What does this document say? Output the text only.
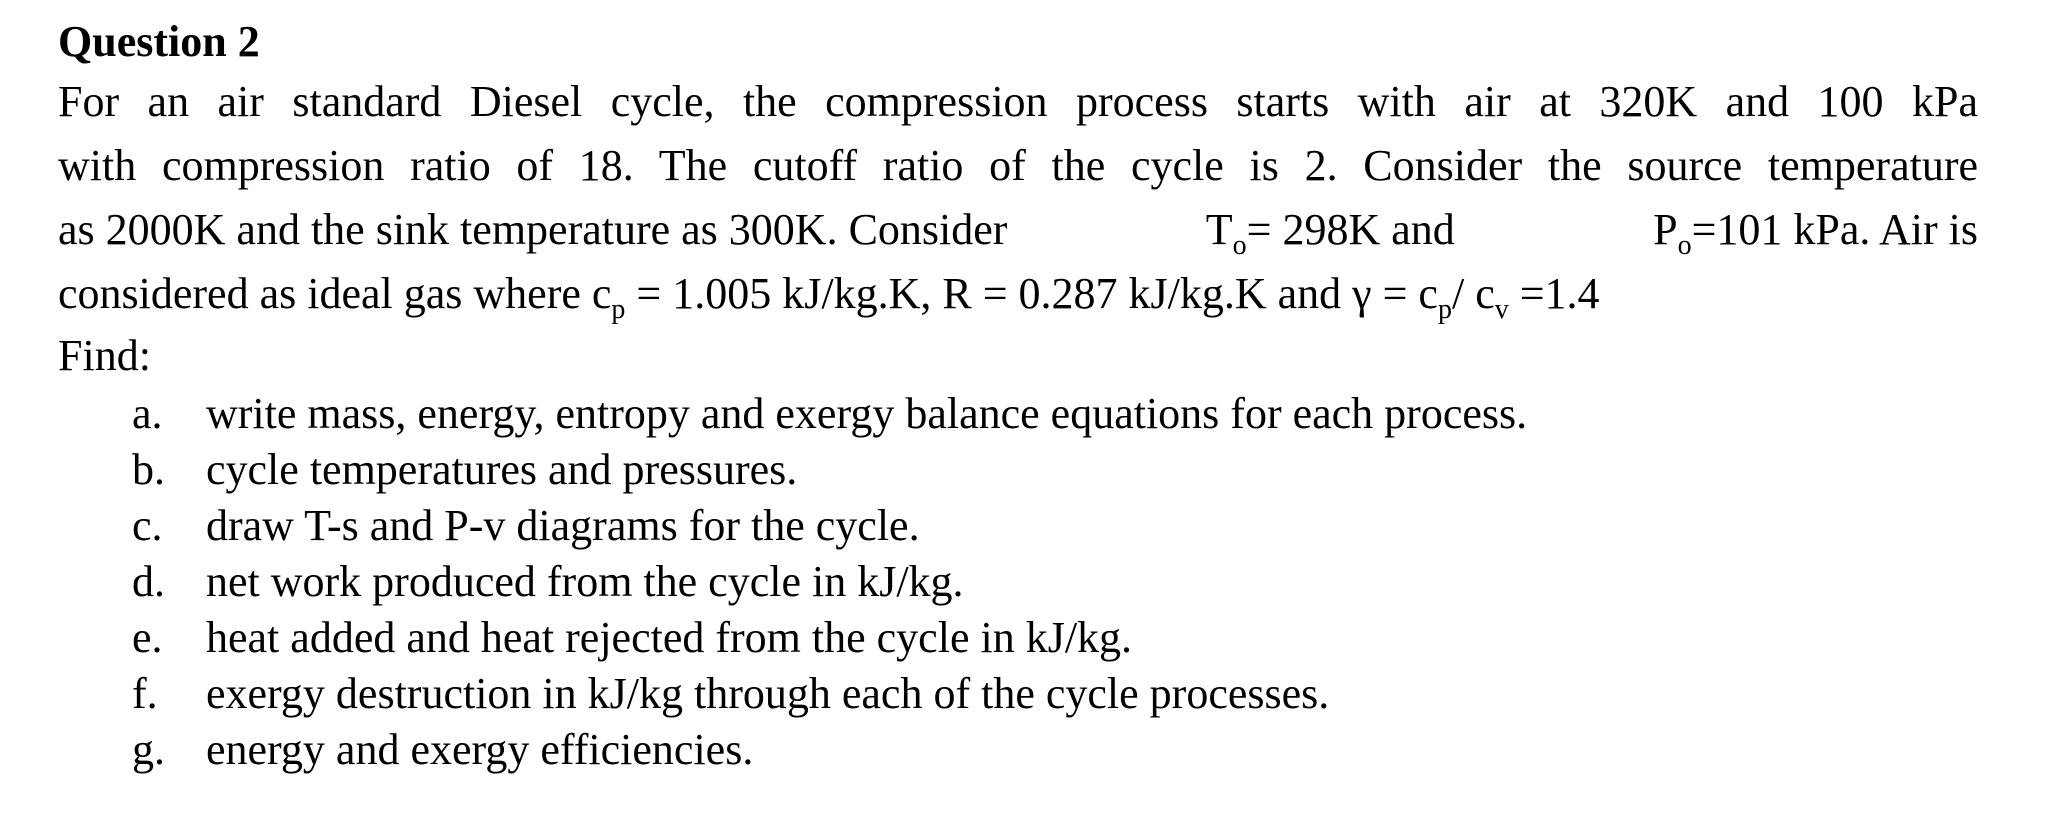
Question 2
For an air standard Diesel cycle, the compression process starts with air at 320K and 100 kPa
with compression ratio of 18. The cutoff ratio of the cycle is 2. Consider the source temperature
as 2000K and the sink temperature as 300K. Consider	$T_o= 298K$ and	$P_o=101$ kPa. Air is
considered as ideal gas where $c_p = 1.005$ kJ/kg.K, R = 0.287 kJ/kg.K and $\gamma = c_p/$ $c_v =1.4$

Find:

a. write mass, energy, entropy and exergy balance equations for each process.
b. cycle temperatures and pressures.
c. draw T-s and P-v diagrams for the cycle.
d. net work produced from the cycle in kJ/kg.
e. heat added and heat rejected from the cycle in kJ/kg.
f.	exergy destruction in kJ/kg through each of the cycle processes.
g. energy and exergy efficiencies.
